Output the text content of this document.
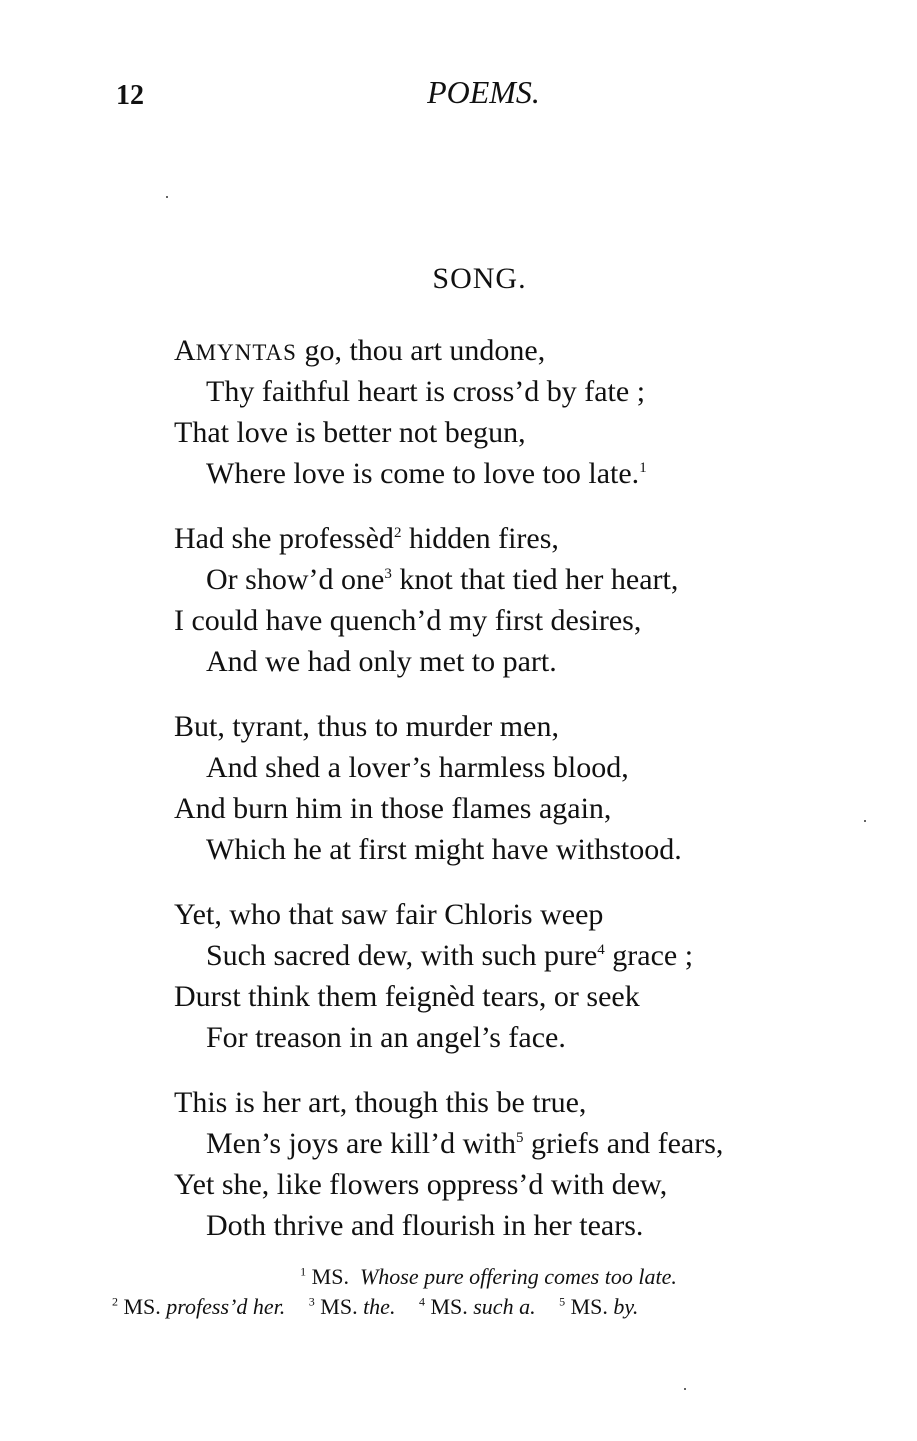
12	POEMS.
SONG.
AMYNTAS go, thou art undone,
Thy faithful heart is cross’d by fate ;
That love is better not begun,
Where love is come to love too late.$^1$
Had she professèd$^2$ hidden fires,
Or show’d one$^3$ knot that tied her heart,
I could have quench’d my first desires,
And we had only met to part.
But, tyrant, thus to murder men,
And shed a lover’s harmless blood,
And burn him in those flames again,
Which he at first might have withstood.
Yet, who that saw fair Chloris weep
Such sacred dew, with such pure$^4$ grace ;
Durst think them feignèd tears, or seek
For treason in an angel’s face.
This is her art, though this be true,
Men’s joys are kill’d with$^5$ griefs and fears,
Yet she, like flowers oppress’d with dew,
Doth thrive and flourish in her tears.
$^1$ MS. Whose pure offering comes too late.
$^2$ MS. profess’d her. $^3$ MS. the. $^4$ MS. such a. $^5$ MS. by.
